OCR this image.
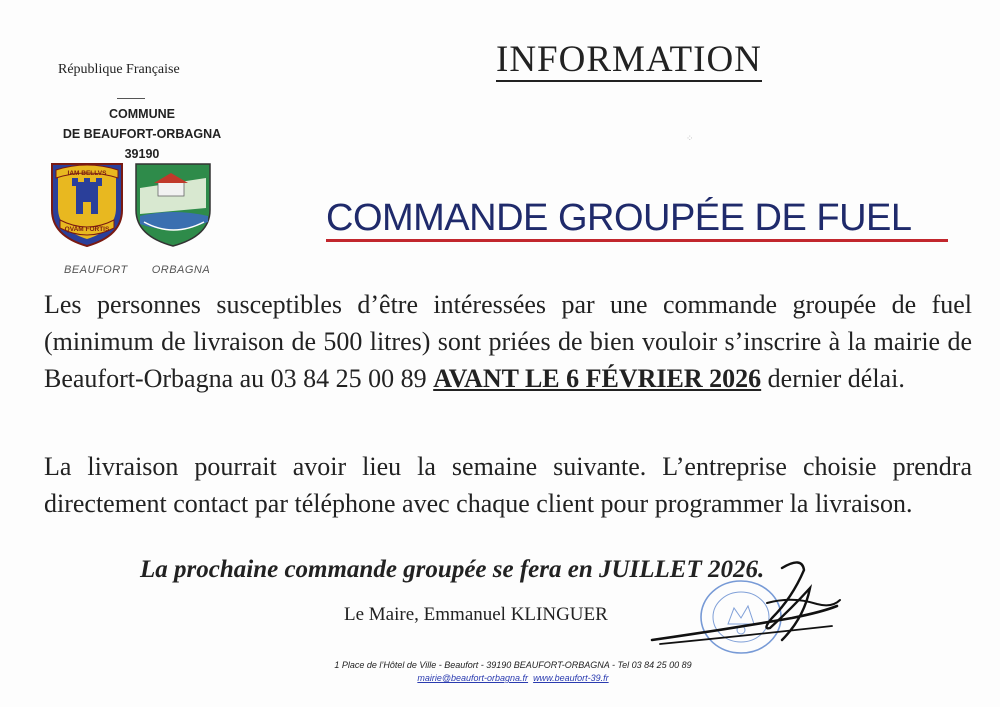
République Française
COMMUNE
DE BEAUFORT-ORBAGNA
39190
IAM BELLVS
QVAM FORTIS
BEAUFORT ORBAGNA
INFORMATION
⁘
COMMANDE GROUPÉE DE FUEL
Les personnes susceptibles d’être intéressées par une commande groupée de fuel (minimum de livraison de 500 litres) sont priées de bien vouloir s’inscrire à la mairie de Beaufort-Orbagna au 03 84 25 00 89 AVANT LE 6 FÉVRIER 2026 dernier délai.
La livraison pourrait avoir lieu la semaine suivante. L’entreprise choisie prendra directement contact par téléphone avec chaque client pour programmer la livraison.
La prochaine commande groupée se fera en JUILLET 2026.
Le Maire, Emmanuel KLINGUER
1 Place de l’Hôtel de Ville - Beaufort - 39190 BEAUFORT-ORBAGNA - Tel 03 84 25 00 89
mairie@beaufort-orbagna.fr www.beaufort-39.fr
